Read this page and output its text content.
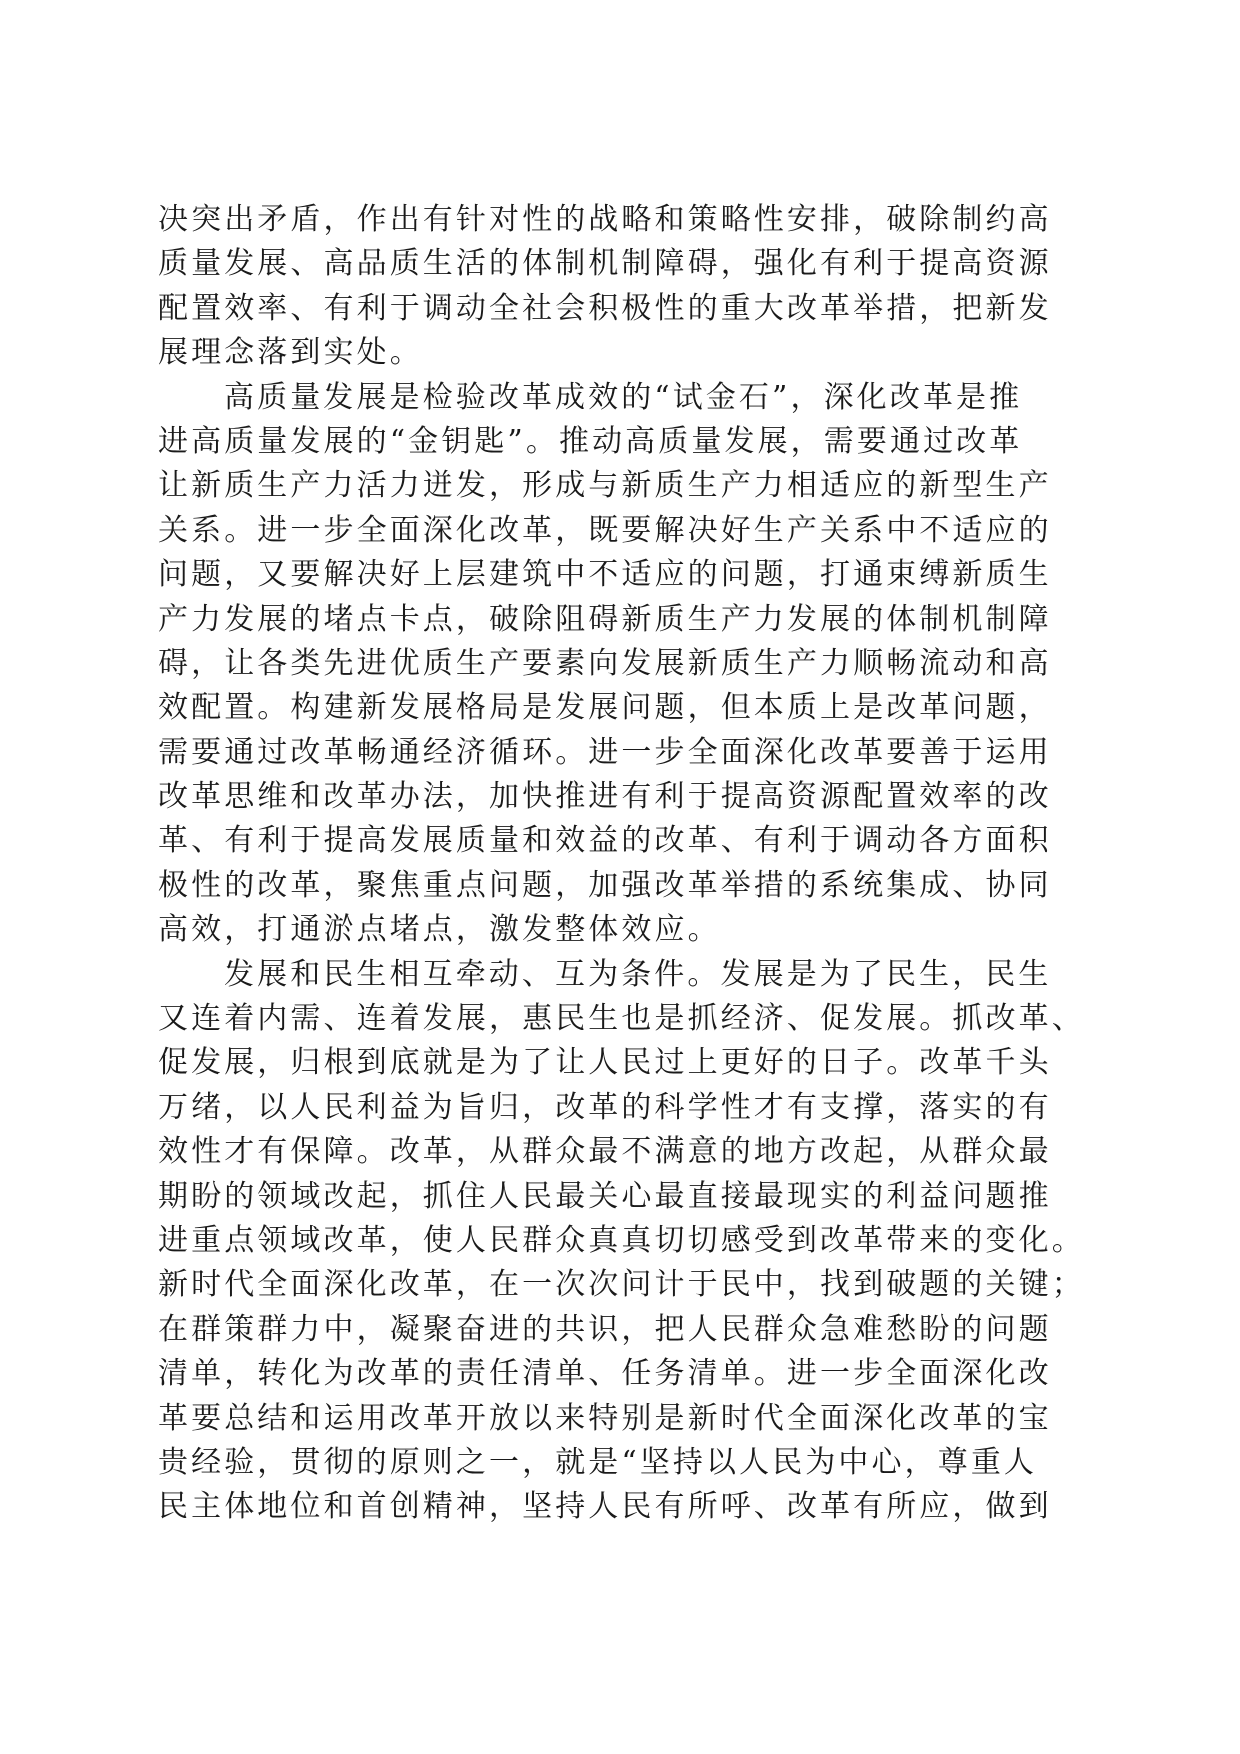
决突出矛盾，作出有针对性的战略和策略性安排，破除制约高
质量发展、高品质生活的体制机制障碍，强化有利于提高资源
配置效率、有利于调动全社会积极性的重大改革举措，把新发
展理念落到实处。
高质量发展是检验改革成效的“试金石”，深化改革是推
进高质量发展的“金钥匙”。推动高质量发展，需要通过改革
让新质生产力活力迸发，形成与新质生产力相适应的新型生产
关系。进一步全面深化改革，既要解决好生产关系中不适应的
问题，又要解决好上层建筑中不适应的问题，打通束缚新质生
产力发展的堵点卡点，破除阻碍新质生产力发展的体制机制障
碍，让各类先进优质生产要素向发展新质生产力顺畅流动和高
效配置。构建新发展格局是发展问题，但本质上是改革问题，
需要通过改革畅通经济循环。进一步全面深化改革要善于运用
改革思维和改革办法，加快推进有利于提高资源配置效率的改
革、有利于提高发展质量和效益的改革、有利于调动各方面积
极性的改革，聚焦重点问题，加强改革举措的系统集成、协同
高效，打通淤点堵点，激发整体效应。
发展和民生相互牵动、互为条件。发展是为了民生，民生
又连着内需、连着发展，惠民生也是抓经济、促发展。抓改革、
促发展，归根到底就是为了让人民过上更好的日子。改革千头
万绪，以人民利益为旨归，改革的科学性才有支撑，落实的有
效性才有保障。改革，从群众最不满意的地方改起，从群众最
期盼的领域改起，抓住人民最关心最直接最现实的利益问题推
进重点领域改革，使人民群众真真切切感受到改革带来的变化。
新时代全面深化改革，在一次次问计于民中，找到破题的关键；
在群策群力中，凝聚奋进的共识，把人民群众急难愁盼的问题
清单，转化为改革的责任清单、任务清单。进一步全面深化改
革要总结和运用改革开放以来特别是新时代全面深化改革的宝
贵经验，贯彻的原则之一，就是“坚持以人民为中心，尊重人
民主体地位和首创精神，坚持人民有所呼、改革有所应，做到
